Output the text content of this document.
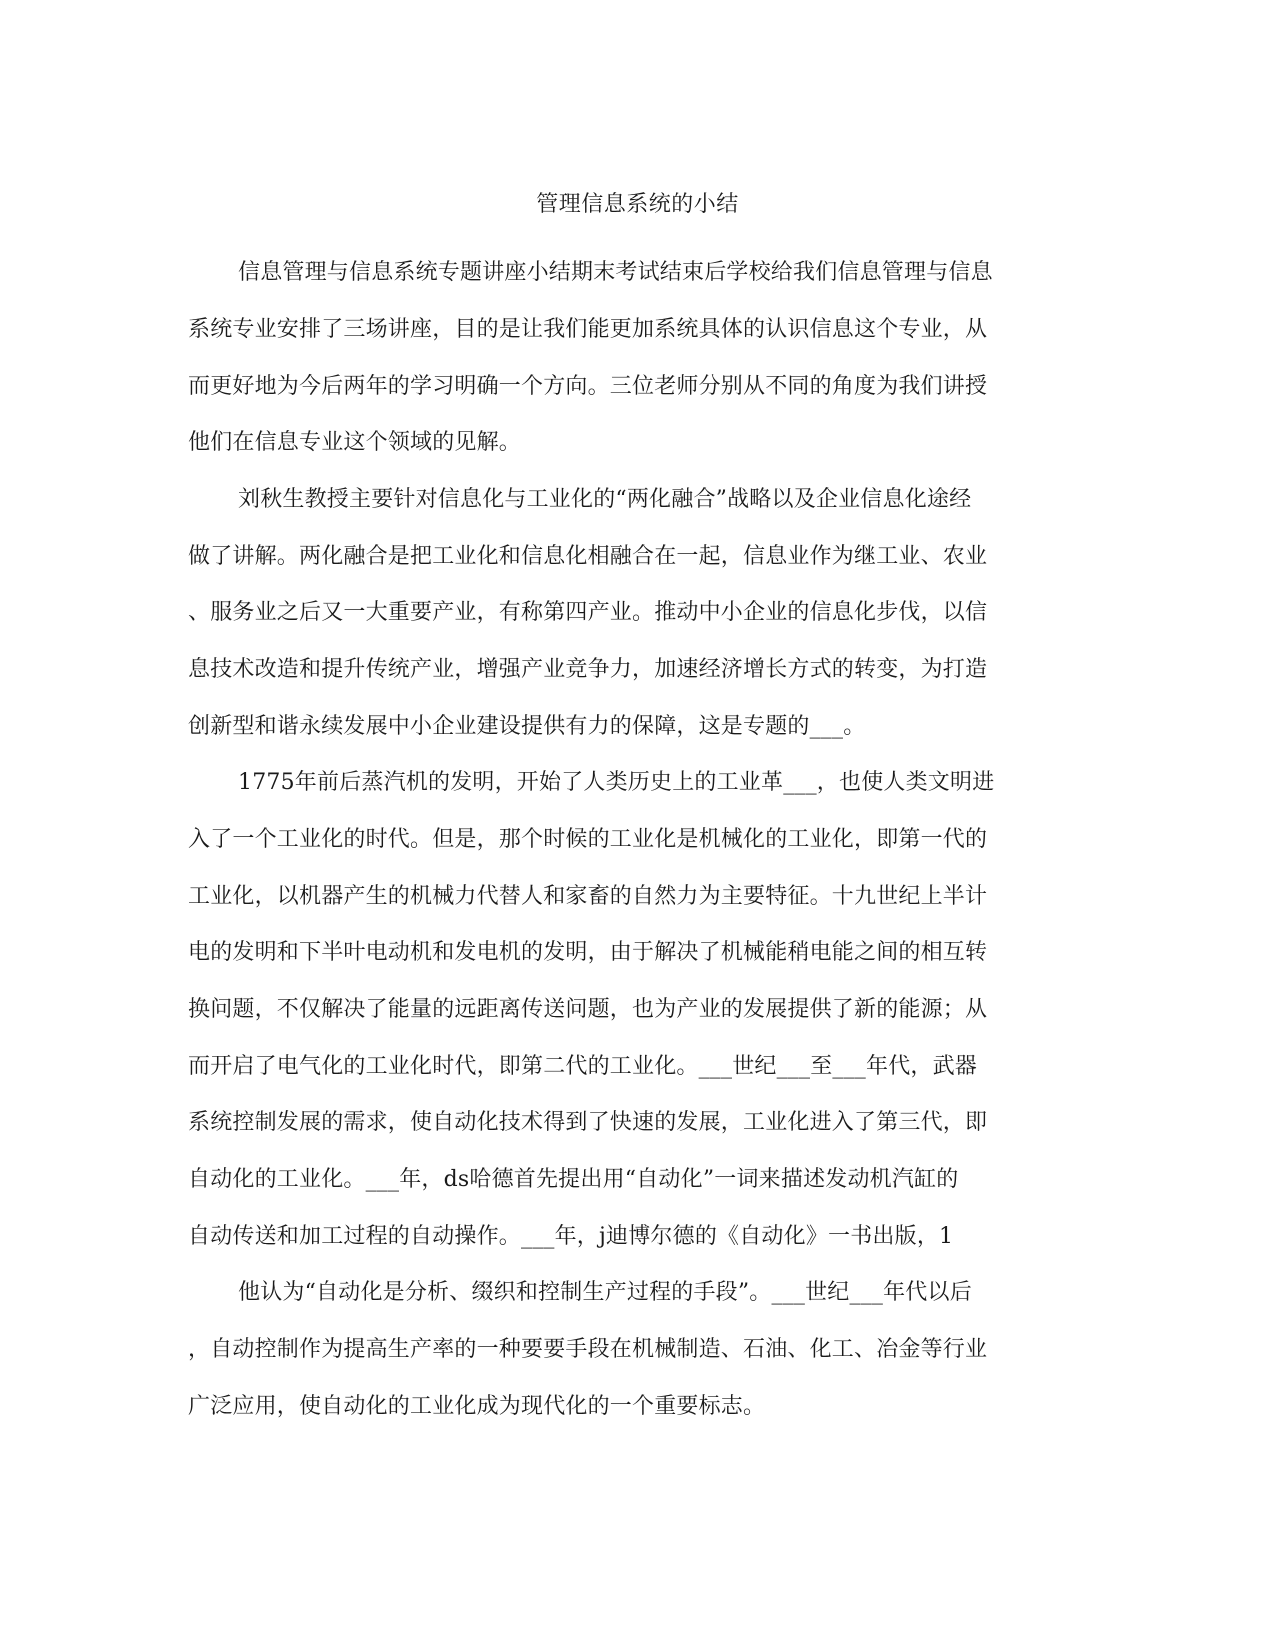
管理信息系统的小结
信息管理与信息系统专题讲座小结期末考试结束后学校给我们信息管理与信息
系统专业安排了三场讲座，目的是让我们能更加系统具体的认识信息这个专业，从
而更好地为今后两年的学习明确一个方向。三位老师分别从不同的角度为我们讲授
他们在信息专业这个领域的见解。
刘秋生教授主要针对信息化与工业化的“两化融合”战略以及企业信息化途经
做了讲解。两化融合是把工业化和信息化相融合在一起，信息业作为继工业、农业
、服务业之后又一大重要产业，有称第四产业。推动中小企业的信息化步伐，以信
息技术改造和提升传统产业，增强产业竞争力，加速经济增长方式的转变，为打造
创新型和谐永续发展中小企业建设提供有力的保障，这是专题的___。
1775年前后蒸汽机的发明，开始了人类历史上的工业革___，也使人类文明进
入了一个工业化的时代。但是，那个时候的工业化是机械化的工业化，即第一代的
工业化，以机器产生的机械力代替人和家畜的自然力为主要特征。十九世纪上半计
电的发明和下半叶电动机和发电机的发明，由于解决了机械能稍电能之间的相互转
换问题，不仅解决了能量的远距离传送问题，也为产业的发展提供了新的能源；从
而开启了电气化的工业化时代，即第二代的工业化。___世纪___至___年代，武器
系统控制发展的需求，使自动化技术得到了快速的发展，工业化进入了第三代，即
自动化的工业化。___年，ds哈德首先提出用“自动化”一词来描述发动机汽缸的
自动传送和加工过程的自动操作。___年，j迪博尔德的《自动化》一书出版，1
他认为“自动化是分析、缀织和控制生产过程的手段”。___世纪___年代以后
，自动控制作为提高生产率的一种要要手段在机械制造、石油、化工、冶金等行业
广泛应用，使自动化的工业化成为现代化的一个重要标志。
